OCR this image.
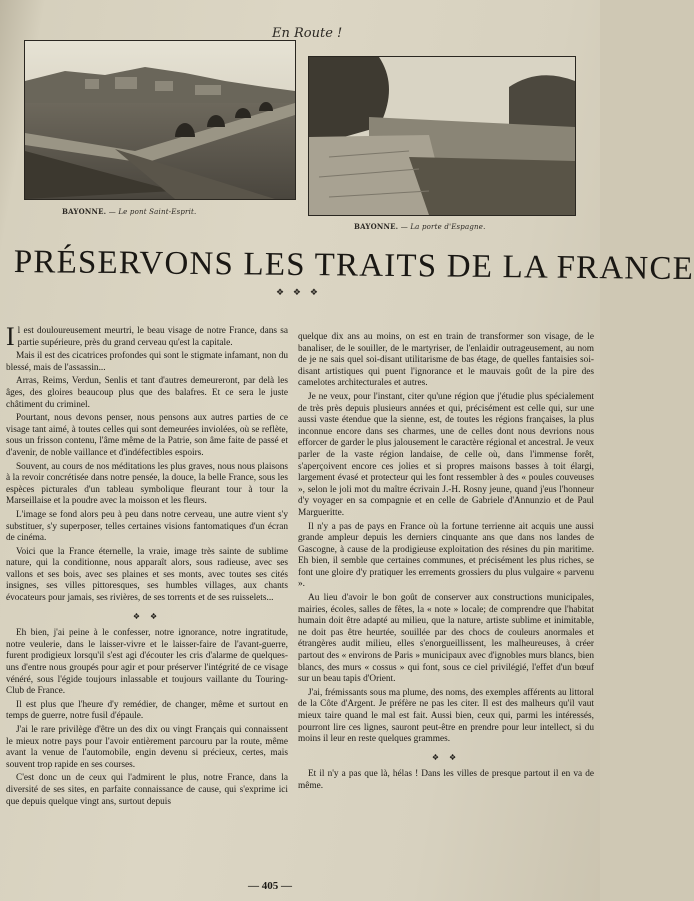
En Route !
BAYONNE. — Le pont Saint-Esprit.
BAYONNE. — La porte d'Espagne.
PRÉSERVONS LES TRAITS DE LA FRANCE
❖ ❖ ❖

Il est douloureusement meurtri, le beau visage de notre France, dans sa partie supérieure, près du grand cerveau qu'est la capitale.

Mais il est des cicatrices profondes qui sont le stigmate infamant, non du blessé, mais de l'assassin...

Arras, Reims, Verdun, Senlis et tant d'autres demeureront, par delà les âges, des gloires beaucoup plus que des balafres. Et ce sera le juste châtiment du criminel.

Pourtant, nous devons penser, nous pensons aux autres parties de ce visage tant aimé, à toutes celles qui sont demeurées inviolées, où se reflète, sous un frisson contenu, l'âme même de la Patrie, son âme faite de passé et d'avenir, de noble vaillance et d'indéfectibles espoirs.

Souvent, au cours de nos méditations les plus graves, nous nous plaisons à la revoir concrétisée dans notre pensée, la douce, la belle France, sous les espèces picturales d'un tableau symbolique fleurant tour à tour la Marseillaise et la poudre avec la moisson et les fleurs.

L'image se fond alors peu à peu dans notre cerveau, une autre vient s'y substituer, s'y superposer, telles certaines visions fantomatiques d'un écran de cinéma.

Voici que la France éternelle, la vraie, image très sainte de sublime nature, qui la conditionne, nous apparaît alors, sous radieuse, avec ses vallons et ses bois, avec ses plaines et ses monts, avec toutes ses cités insignes, ses villes pittoresques, ses humbles villages, aux chants évocateurs pour jamais, ses rivières, de ses torrents et de ses ruisselets...

❖ ❖

Eh bien, j'ai peine à le confesser, notre ignorance, notre ingratitude, notre veulerie, dans le laisser-vivre et le laisser-faire de l'avant-guerre, furent prodigieux lorsqu'il s'est agi d'écouter les cris d'alarme de quelques-uns d'entre nous groupés pour agir et pour préserver l'intégrité de ce visage vénéré, sous l'égide toujours inlassable et toujours vaillante du Touring-Club de France.

Il est plus que l'heure d'y remédier, de changer, même et surtout en temps de guerre, notre fusil d'épaule.

J'ai le rare privilège d'être un des dix ou vingt Français qui connaissent le mieux notre pays pour l'avoir entièrement parcouru par la route, même avant la venue de l'automobile, engin devenu si précieux, certes, mais souvent trop rapide en ses courses.

C'est donc un de ceux qui l'admirent le plus, notre France, dans la diversité de ses sites, en parfaite connaissance de cause, qui s'exprime ici que depuis quelque vingt ans, surtout depuis

quelque dix ans au moins, on est en train de transformer son visage, de le banaliser, de le souiller, de le martyriser, de l'enlaidir outrageusement, au nom de je ne sais quel soi-disant utilitarisme de bas étage, de quelles fantaisies soi-disant artistiques qui puent l'ignorance et le mauvais goût de la pire des camelotes architecturales et autres.

Je ne veux, pour l'instant, citer qu'une région que j'étudie plus spécialement de très près depuis plusieurs années et qui, précisément est celle qui, sur une aussi vaste étendue que la sienne, est, de toutes les régions françaises, la plus inconnue encore dans ses charmes, une de celles dont nous devrions nous efforcer de garder le plus jalousement le caractère régional et ancestral. Je veux parler de la vaste région landaise, de celle où, dans l'immense forêt, s'aperçoivent encore ces jolies et si propres maisons basses à toit élargi, largement évasé et protecteur qui les font ressembler à des « poules couveuses », selon le joli mot du maître écrivain J.-H. Rosny jeune, quand j'eus l'honneur d'y voyager en sa compagnie et en celle de Gabriele d'Annunzio et de Paul Margueritte.

Il n'y a pas de pays en France où la fortune terrienne ait acquis une aussi grande ampleur depuis les derniers cinquante ans que dans nos landes de Gascogne, à cause de la prodigieuse exploitation des résines du pin maritime. Eh bien, il semble que certaines communes, et précisément les plus riches, se font une gloire d'y pratiquer les errements grossiers du plus vulgaire « parvenu ».

Au lieu d'avoir le bon goût de conserver aux constructions municipales, mairies, écoles, salles de fêtes, la « note » locale; de comprendre que l'habitat humain doit être adapté au milieu, que la nature, artiste sublime et inimitable, ne doit pas être heurtée, souillée par des chocs de couleurs anormales et étrangères audit milieu, elles s'enorgueillissent, les malheureuses, à créer partout des « environs de Paris » municipaux avec d'ignobles murs blancs, bien blancs, des murs « cossus » qui font, sous ce ciel privilégié, l'effet d'un bœuf sur un beau tapis d'Orient.

J'ai, frémissants sous ma plume, des noms, des exemples afférents au littoral de la Côte d'Argent. Je préfère ne pas les citer. Il est des malheurs qu'il vaut mieux taire quand le mal est fait. Aussi bien, ceux qui, parmi les intéressés, pourront lire ces lignes, sauront peut-être en prendre pour leur intellect, si du moins il leur en reste quelques grammes.

❖ ❖

Et il n'y a pas que là, hélas ! Dans les villes de presque partout il en va de même.

— 405 —
